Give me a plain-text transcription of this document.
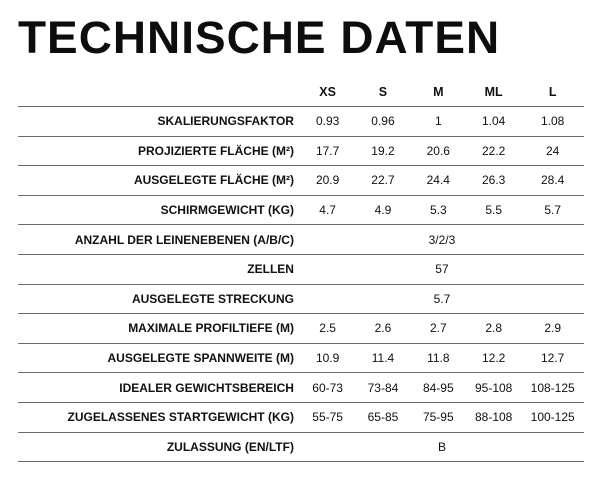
TECHNISCHE DATEN
	XS	S	M	ML	L
SKALIERUNGSFAKTOR	0.93	0.96	1	1.04	1.08
PROJIZIERTE FLÄCHE (M²)	17.7	19.2	20.6	22.2	24
AUSGELEGTE FLÄCHE (M²)	20.9	22.7	24.4	26.3	28.4
SCHIRMGEWICHT (KG)	4.7	4.9	5.3	5.5	5.7
ANZAHL DER LEINENEBENEN (A/B/C)	3/2/3				
ZELLEN	57				
AUSGELEGTE STRECKUNG	5.7				
MAXIMALE PROFILTIEFE (M)	2.5	2.6	2.7	2.8	2.9
AUSGELEGTE SPANNWEITE (M)	10.9	11.4	11.8	12.2	12.7
IDEALER GEWICHTSBEREICH	60-73	73-84	84-95	95-108	108-125
ZUGELASSENES STARTGEWICHT (KG)	55-75	65-85	75-95	88-108	100-125
ZULASSUNG (EN/LTF)	B				
